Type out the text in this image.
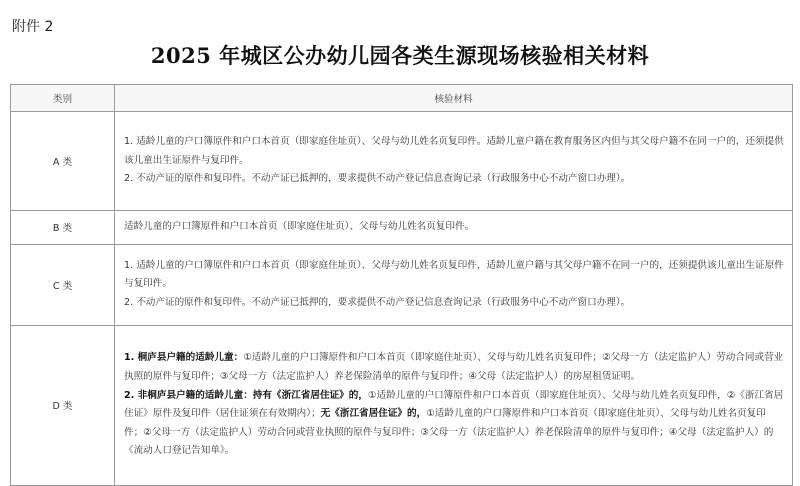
附件 2
2025 年城区公办幼儿园各类生源现场核验相关材料
类别	核验材料
A 类	1. 适龄儿童的户口簿原件和户口本首页（即家庭住址页）、父母与幼儿姓名页复印件。适龄儿童户籍在教育服务区内但与其父母户籍不在同一户的，还须提供该儿童出生证原件与复印件。

2. 不动产证的原件和复印件。不动产证已抵押的，要求提供不动产登记信息查询记录（行政服务中心不动产窗口办理）。

B 类	适龄儿童的户口簿原件和户口本首页（即家庭住址页）、父母与幼儿姓名页复印件。

C 类	1. 适龄儿童的户口簿原件和户口本首页（即家庭住址页）、父母与幼儿姓名页复印件，适龄儿童户籍与其父母户籍不在同一户的，还须提供该儿童出生证原件与复印件。

2. 不动产证的原件和复印件。不动产证已抵押的，要求提供不动产登记信息查询记录（行政服务中心不动产窗口办理）。

D 类	1. 桐庐县户籍的适龄儿童：①适龄儿童的户口簿原件和户口本首页（即家庭住址页）、父母与幼儿姓名页复印件；②父母一方（法定监护人）劳动合同或营业执照的原件与复印件；③父母一方（法定监护人）养老保险清单的原件与复印件；④父母（法定监护人）的房屋租赁证明。

2. 非桐庐县户籍的适龄儿童：持有《浙江省居住证》的，①适龄儿童的户口簿原件和户口本首页（即家庭住址页）、父母与幼儿姓名页复印件，②《浙江省居住证》原件及复印件（居住证须在有效期内）；无《浙江省居住证》的，①适龄儿童的户口簿原件和户口本首页（即家庭住址页）、父母与幼儿姓名页复印件；②父母一方（法定监护人）劳动合同或营业执照的原件与复印件；③父母一方（法定监护人）养老保险清单的原件与复印件；④父母（法定监护人）的《流动人口登记告知单》。
